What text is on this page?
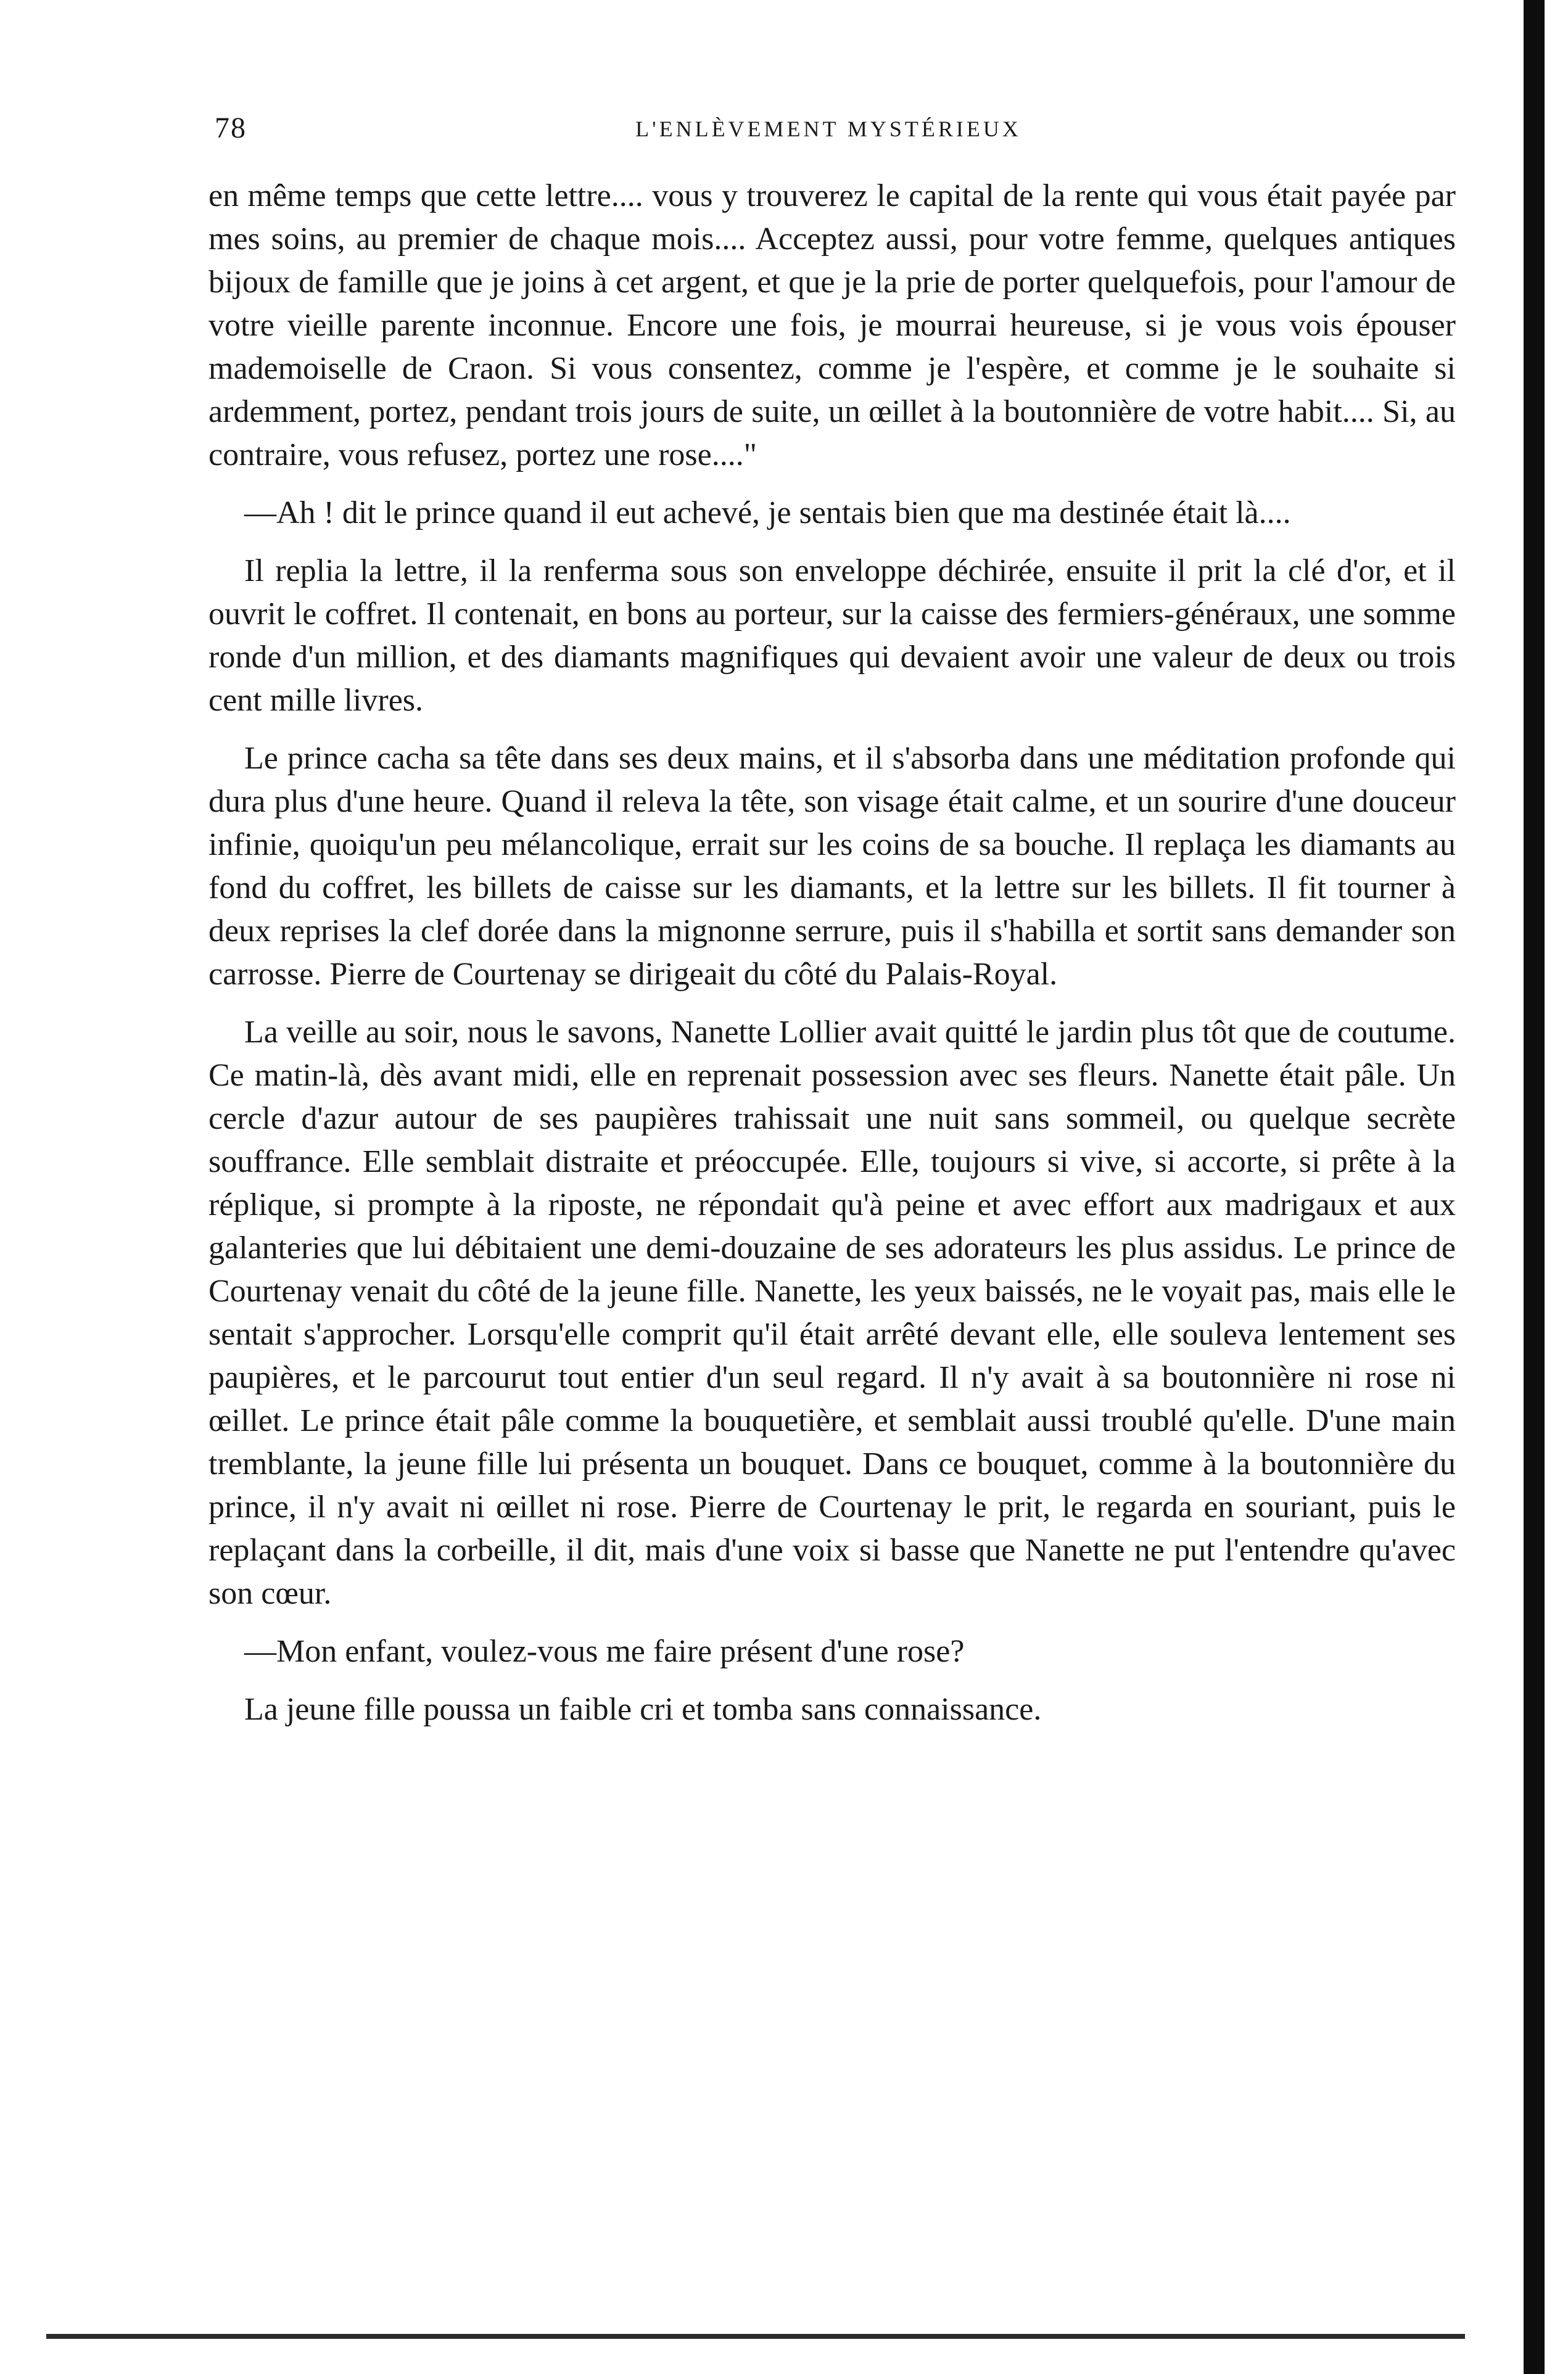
78	L'ENLÈVEMENT MYSTÉRIEUX

en même temps que cette lettre.... vous y trouverez le capital de la rente qui vous était payée par mes soins, au premier de chaque mois.... Acceptez aussi, pour votre femme, quelques antiques bijoux de famille que je joins à cet argent, et que je la prie de porter quelquefois, pour l'amour de votre vieille parente inconnue. Encore une fois, je mourrai heureuse, si je vous vois épouser mademoiselle de Craon. Si vous consentez, comme je l'espère, et comme je le souhaite si ardemment, portez, pendant trois jours de suite, un œillet à la boutonnière de votre habit.... Si, au contraire, vous refusez, portez une rose...."

—Ah ! dit le prince quand il eut achevé, je sentais bien que ma destinée était là....

Il replia la lettre, il la renferma sous son enveloppe déchirée, ensuite il prit la clé d'or, et il ouvrit le coffret. Il contenait, en bons au porteur, sur la caisse des fermiers-généraux, une somme ronde d'un million, et des diamants magnifiques qui devaient avoir une valeur de deux ou trois cent mille livres.

Le prince cacha sa tête dans ses deux mains, et il s'absorba dans une méditation profonde qui dura plus d'une heure. Quand il releva la tête, son visage était calme, et un sourire d'une douceur infinie, quoiqu'un peu mélancolique, errait sur les coins de sa bouche. Il replaça les diamants au fond du coffret, les billets de caisse sur les diamants, et la lettre sur les billets. Il fit tourner à deux reprises la clef dorée dans la mignonne serrure, puis il s'habilla et sortit sans demander son carrosse. Pierre de Courtenay se dirigeait du côté du Palais-Royal.

La veille au soir, nous le savons, Nanette Lollier avait quitté le jardin plus tôt que de coutume. Ce matin-là, dès avant midi, elle en reprenait possession avec ses fleurs. Nanette était pâle. Un cercle d'azur autour de ses paupières trahissait une nuit sans sommeil, ou quelque secrète souffrance. Elle semblait distraite et préoccupée. Elle, toujours si vive, si accorte, si prête à la réplique, si prompte à la riposte, ne répondait qu'à peine et avec effort aux madrigaux et aux galanteries que lui débitaient une demi-douzaine de ses adorateurs les plus assidus. Le prince de Courtenay venait du côté de la jeune fille. Nanette, les yeux baissés, ne le voyait pas, mais elle le sentait s'approcher. Lorsqu'elle comprit qu'il était arrêté devant elle, elle souleva lentement ses paupières, et le parcourut tout entier d'un seul regard. Il n'y avait à sa boutonnière ni rose ni œillet. Le prince était pâle comme la bouquetière, et semblait aussi troublé qu'elle. D'une main tremblante, la jeune fille lui présenta un bouquet. Dans ce bouquet, comme à la boutonnière du prince, il n'y avait ni œillet ni rose. Pierre de Courtenay le prit, le regarda en souriant, puis le replaçant dans la corbeille, il dit, mais d'une voix si basse que Nanette ne put l'entendre qu'avec son cœur.

—Mon enfant, voulez-vous me faire présent d'une rose?

La jeune fille poussa un faible cri et tomba sans connaissance.
